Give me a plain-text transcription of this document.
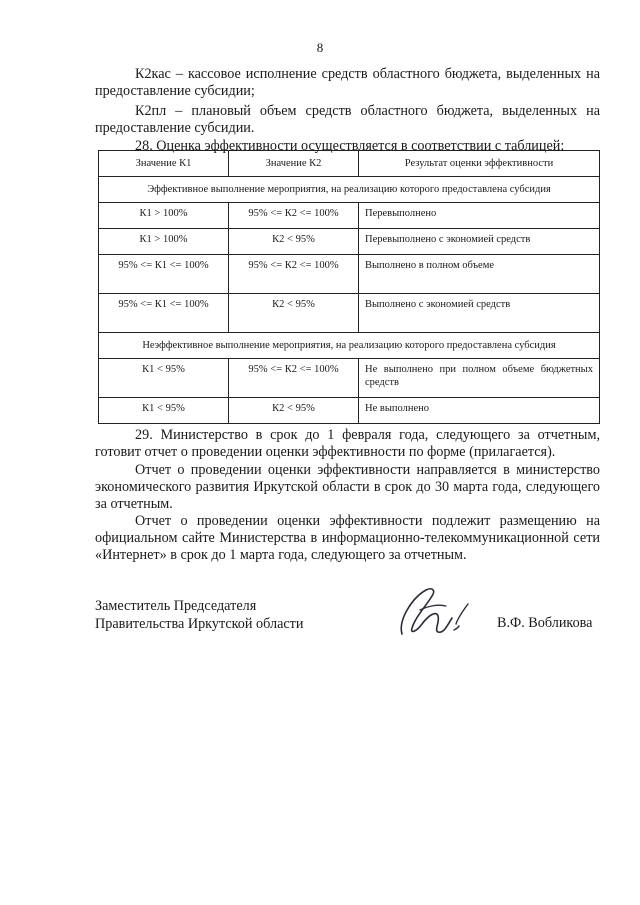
8

К2кас – кассовое исполнение средств областного бюджета, выделенных на предоставление субсидии;

К2пл – плановый объем средств областного бюджета, выделенных на предоставление субсидии.

28. Оценка эффективности осуществляется в соответствии с таблицей:

Значение К1	Значение К2	Результат оценки эффективности
Эффективное выполнение мероприятия, на реализацию которого предоставлена субсидия		
К1 > 100%	95% <= К2 <= 100%	Перевыполнено
К1 > 100%	К2 < 95%	Перевыполнено с экономией средств
95% <= К1 <= 100%	95% <= К2 <= 100%	Выполнено в полном объеме
95% <= К1 <= 100%	К2 < 95%	Выполнено с экономией средств
Неэффективное выполнение мероприятия, на реализацию которого предоставлена субсидия		
К1 < 95%	95% <= К2 <= 100%	Не выполнено при полном объеме бюджетных средств
К1 < 95%	К2 < 95%	Не выполнено

29. Министерство в срок до 1 февраля года, следующего за отчетным, готовит отчет о проведении оценки эффективности по форме (прилагается).

Отчет о проведении оценки эффективности направляется в министерство экономического развития Иркутской области в срок до 30 марта года, следующего за отчетным.

Отчет о проведении оценки эффективности подлежит размещению на официальном сайте Министерства в информационно-телекоммуникационной сети «Интернет» в срок до 1 марта года, следующего за отчетным.

Заместитель Председателя
Правительства Иркутской области	В.Ф. Вобликова
